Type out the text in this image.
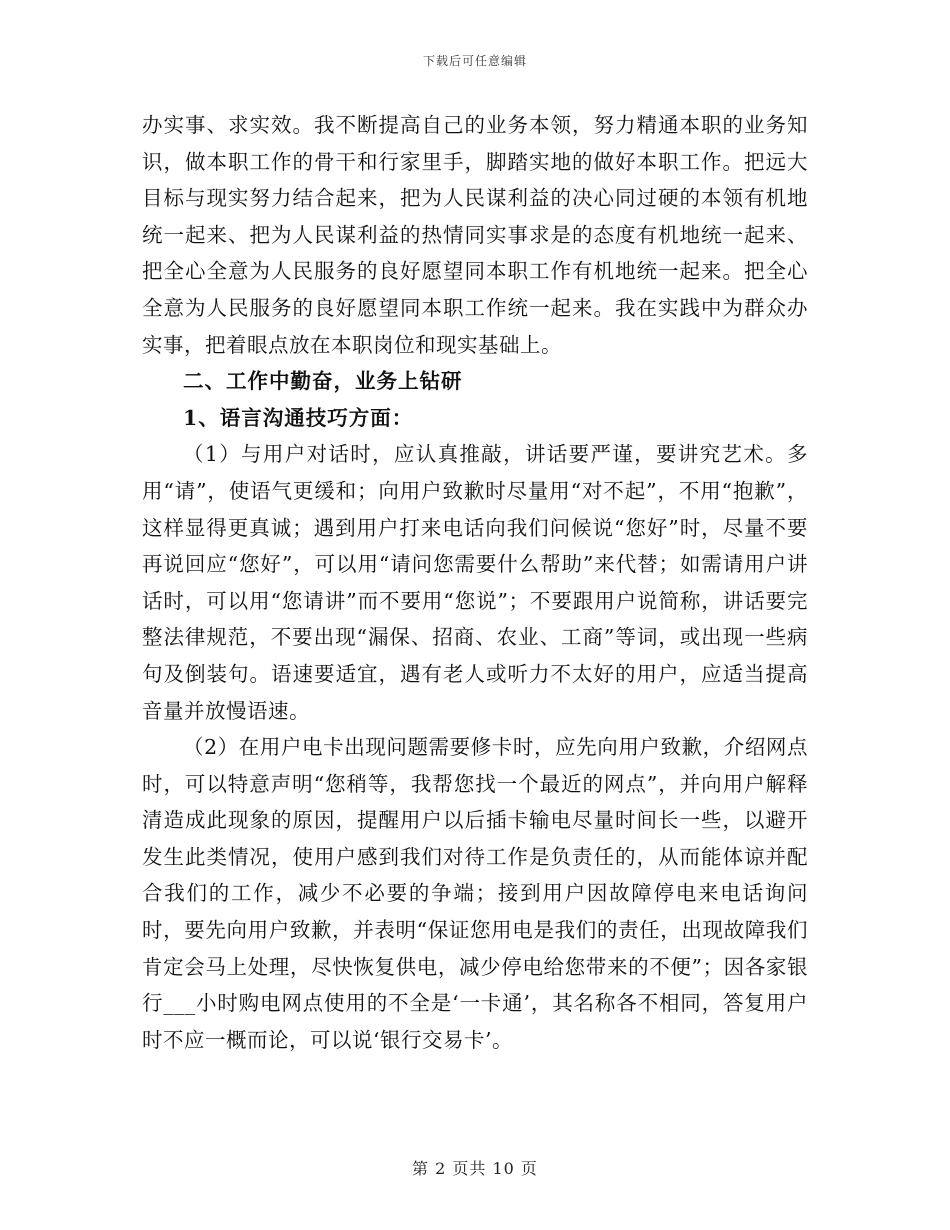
下载后可任意编辑

办实事、求实效。我不断提高自己的业务本领，努力精通本职的业务知识，做本职工作的骨干和行家里手，脚踏实地的做好本职工作。把远大目标与现实努力结合起来，把为人民谋利益的决心同过硬的本领有机地统一起来、把为人民谋利益的热情同实事求是的态度有机地统一起来、把全心全意为人民服务的良好愿望同本职工作有机地统一起来。把全心全意为人民服务的良好愿望同本职工作统一起来。我在实践中为群众办实事，把着眼点放在本职岗位和现实基础上。

二、工作中勤奋，业务上钻研

1、语言沟通技巧方面：

（1）与用户对话时，应认真推敲，讲话要严谨，要讲究艺术。多用“请”，使语气更缓和；向用户致歉时尽量用“对不起”，不用“抱歉”，这样显得更真诚；遇到用户打来电话向我们问候说“您好”时，尽量不要再说回应“您好”，可以用“请问您需要什么帮助”来代替；如需请用户讲话时，可以用“您请讲”而不要用“您说”；不要跟用户说简称，讲话要完整法律规范，不要出现“漏保、招商、农业、工商”等词，或出现一些病句及倒装句。语速要适宜，遇有老人或听力不太好的用户，应适当提高音量并放慢语速。

（2）在用户电卡出现问题需要修卡时，应先向用户致歉，介绍网点时，可以特意声明“您稍等，我帮您找一个最近的网点”，并向用户解释清造成此现象的原因，提醒用户以后插卡输电尽量时间长一些，以避开发生此类情况，使用户感到我们对待工作是负责任的，从而能体谅并配合我们的工作，减少不必要的争端；接到用户因故障停电来电话询问时，要先向用户致歉，并表明“保证您用电是我们的责任，出现故障我们肯定会马上处理，尽快恢复供电，减少停电给您带来的不便”；因各家银行___小时购电网点使用的不全是‘一卡通’，其名称各不相同，答复用户时不应一概而论，可以说‘银行交易卡’。

第 2 页共 10 页
